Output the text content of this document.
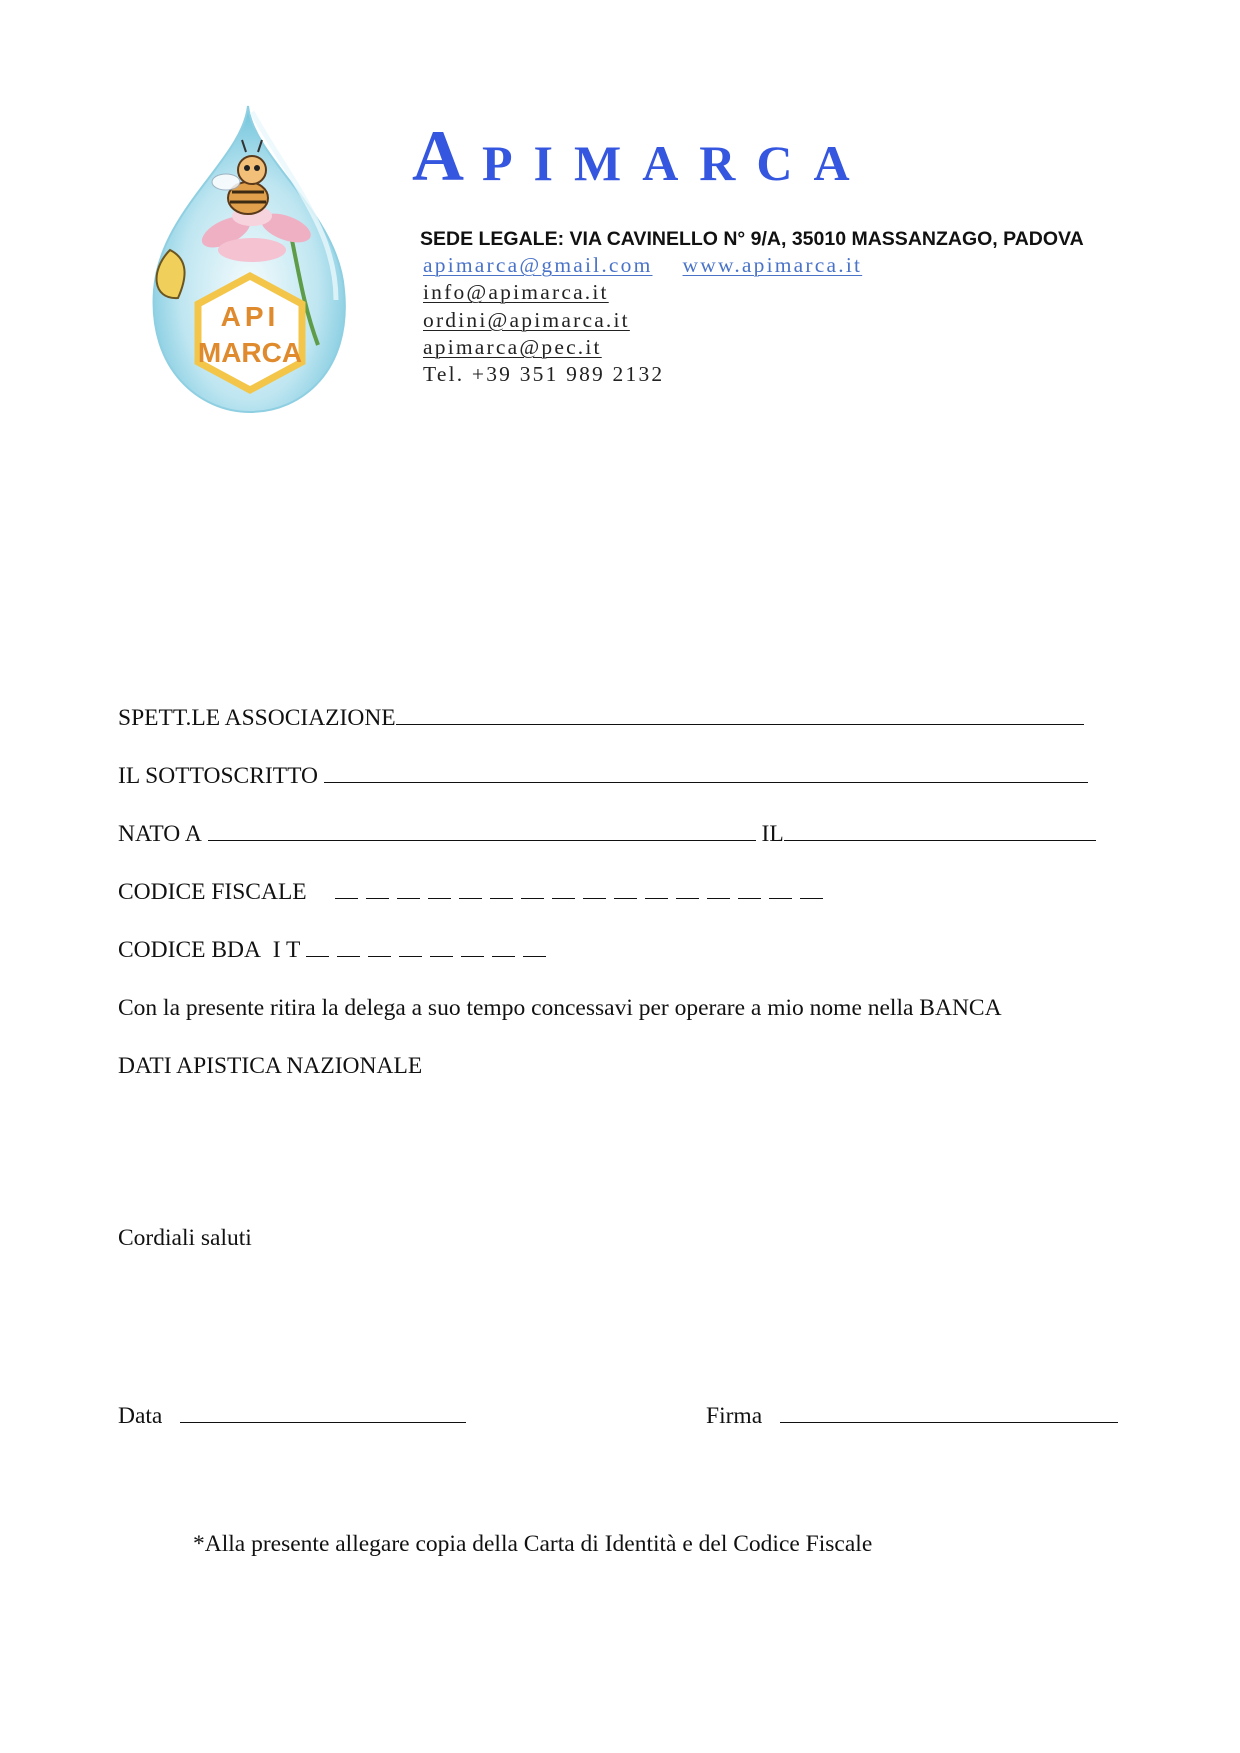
API
MARCA
A PIMARCA

SEDE LEGALE: VIA CAVINELLO N° 9/A, 35010 MASSANZAGO, PADOVA

apimarca@gmail.com www.apimarca.it
info@apimarca.it
ordini@apimarca.it
apimarca@pec.it
Tel. +39 351 989 2132
SPETT.LE ASSOCIAZIONE
IL SOTTOSCRITTO
NATO A	IL
CODICE FISCALE
CODICE BDA I T
Con la presente ritira la delega a suo tempo concessavi per operare a mio nome nella BANCA
DATI APISTICA NAZIONALE
Cordiali saluti
Data	Firma
*Alla presente allegare copia della Carta di Identità e del Codice Fiscale
